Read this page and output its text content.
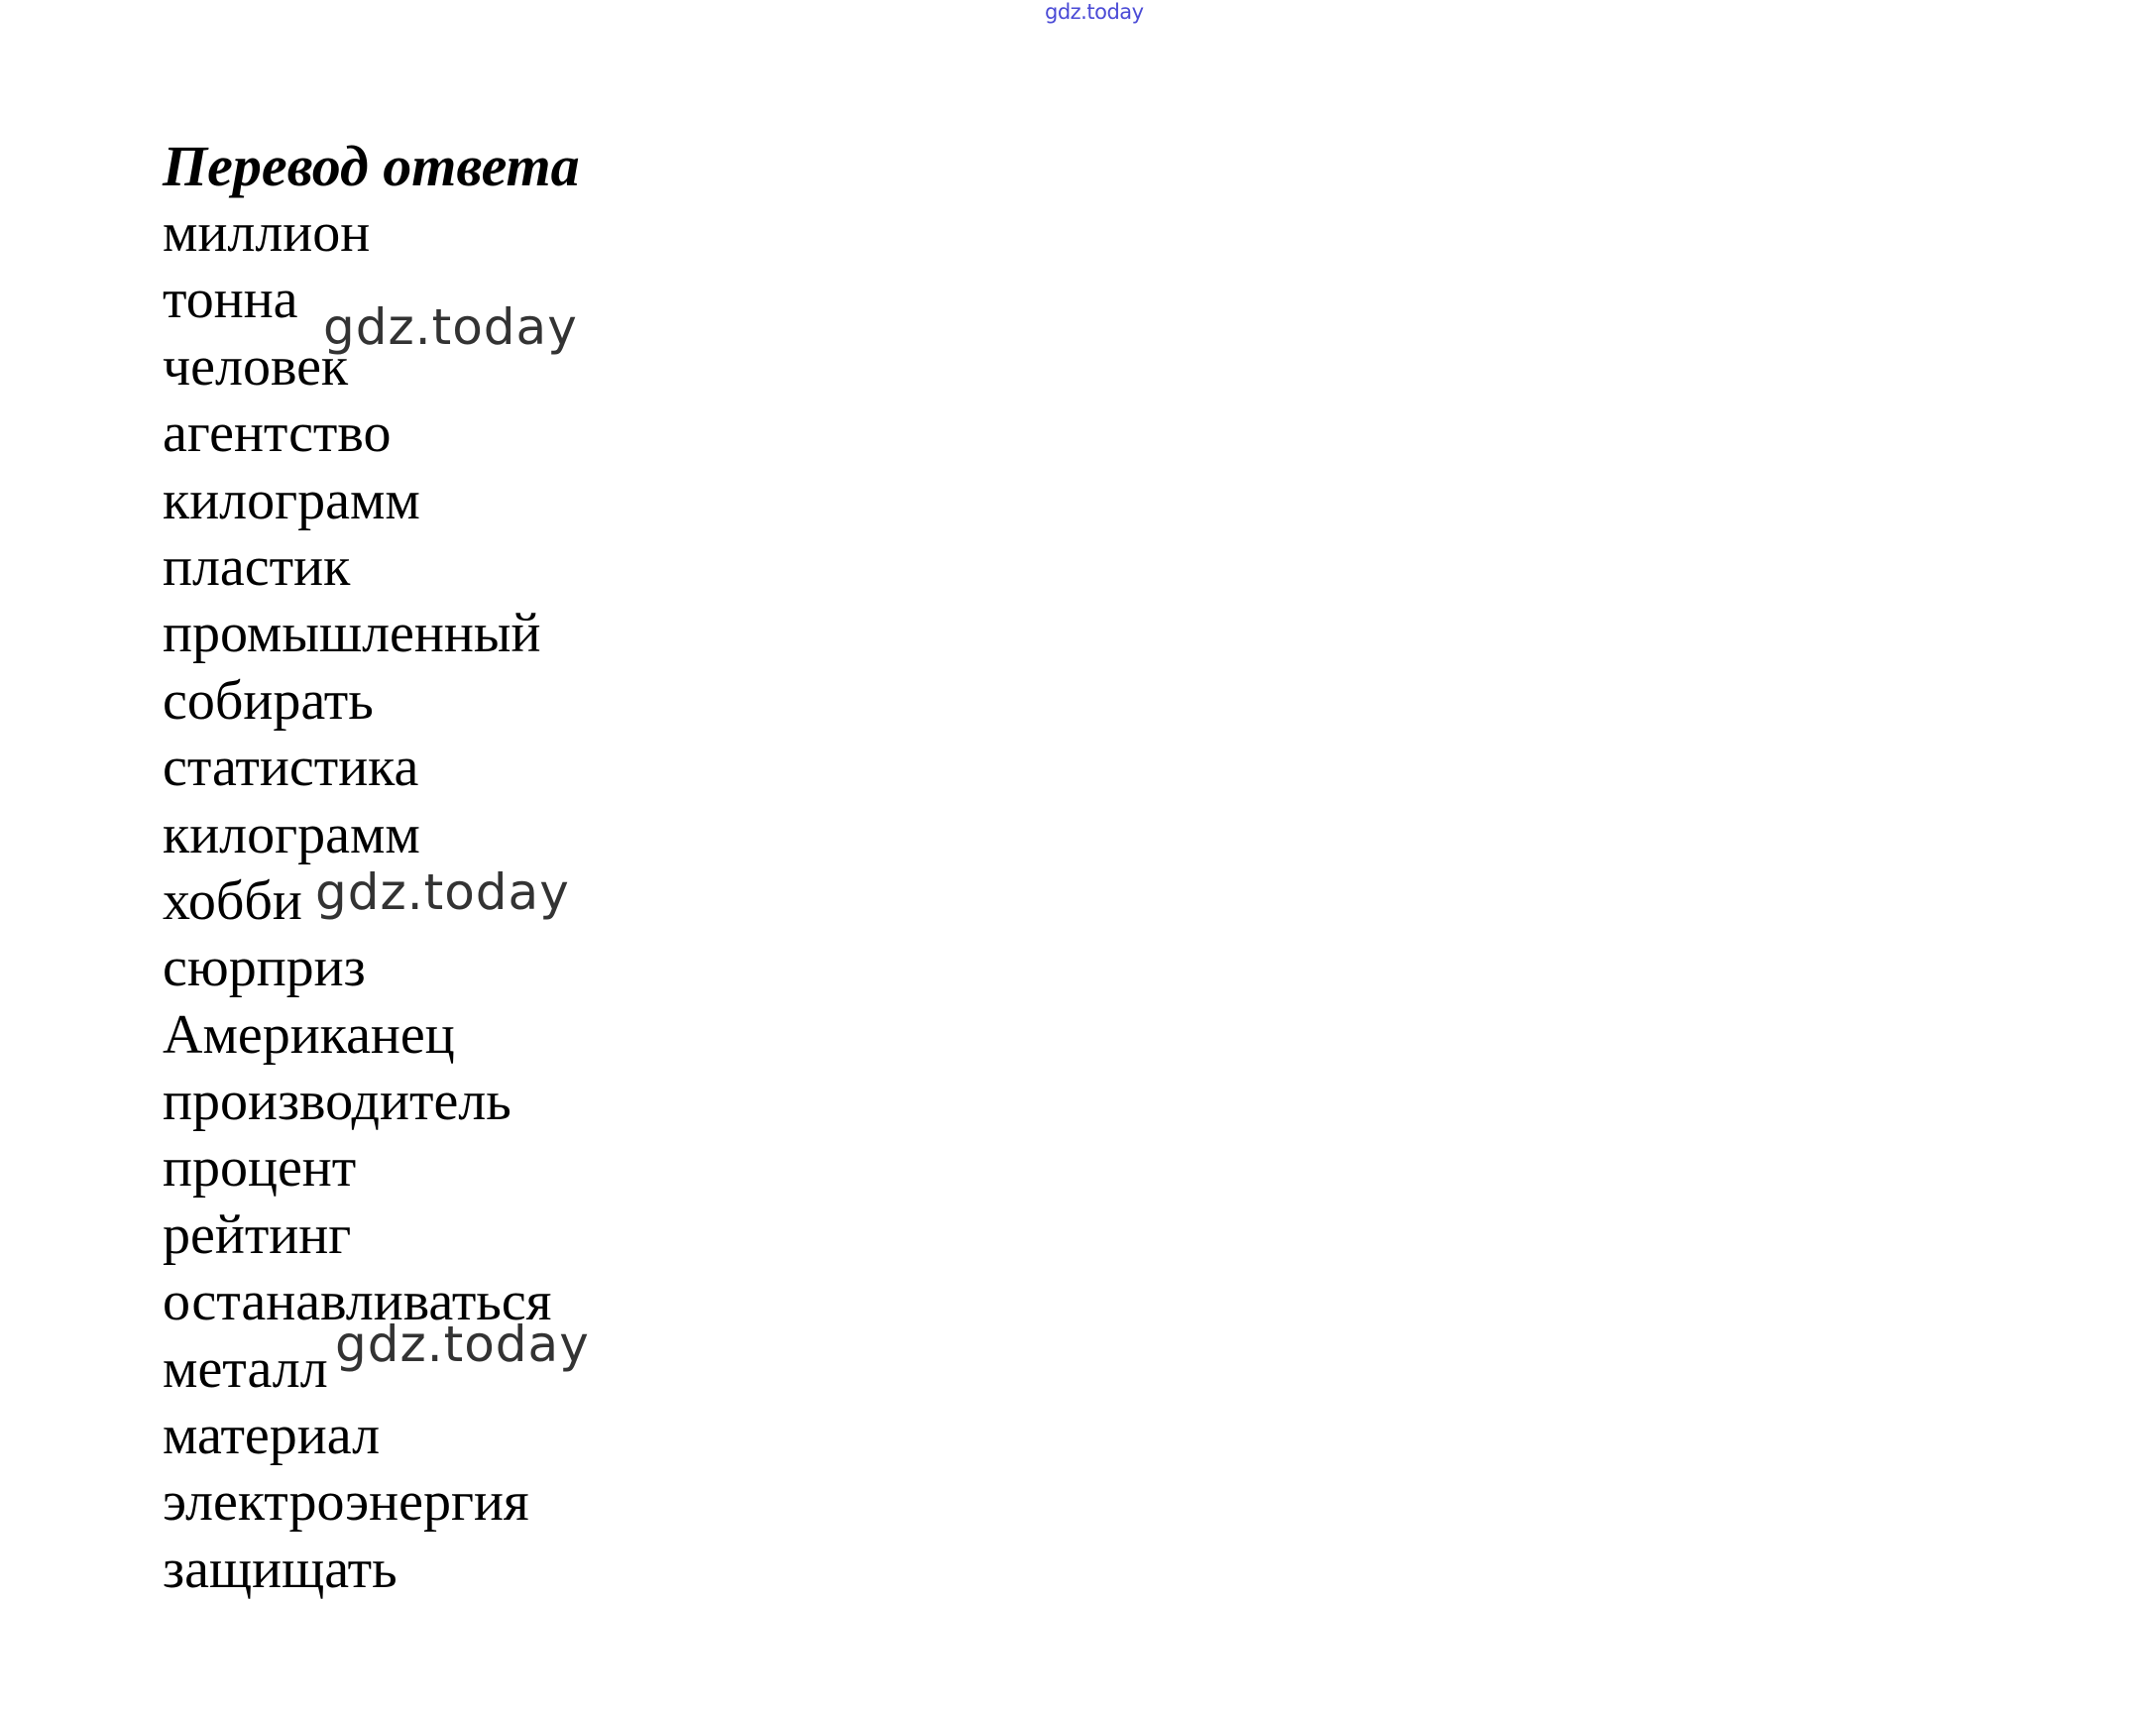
gdz.today
Перевод ответа
миллион
тонна
человек
агентство
килограмм
пластик
промышленный
собирать
статистика
килограмм
хобби
сюрприз
Американец
производитель
процент
рейтинг
останавливаться
металл
материал
электроэнергия
защищать
gdz.today
gdz.today
gdz.today
